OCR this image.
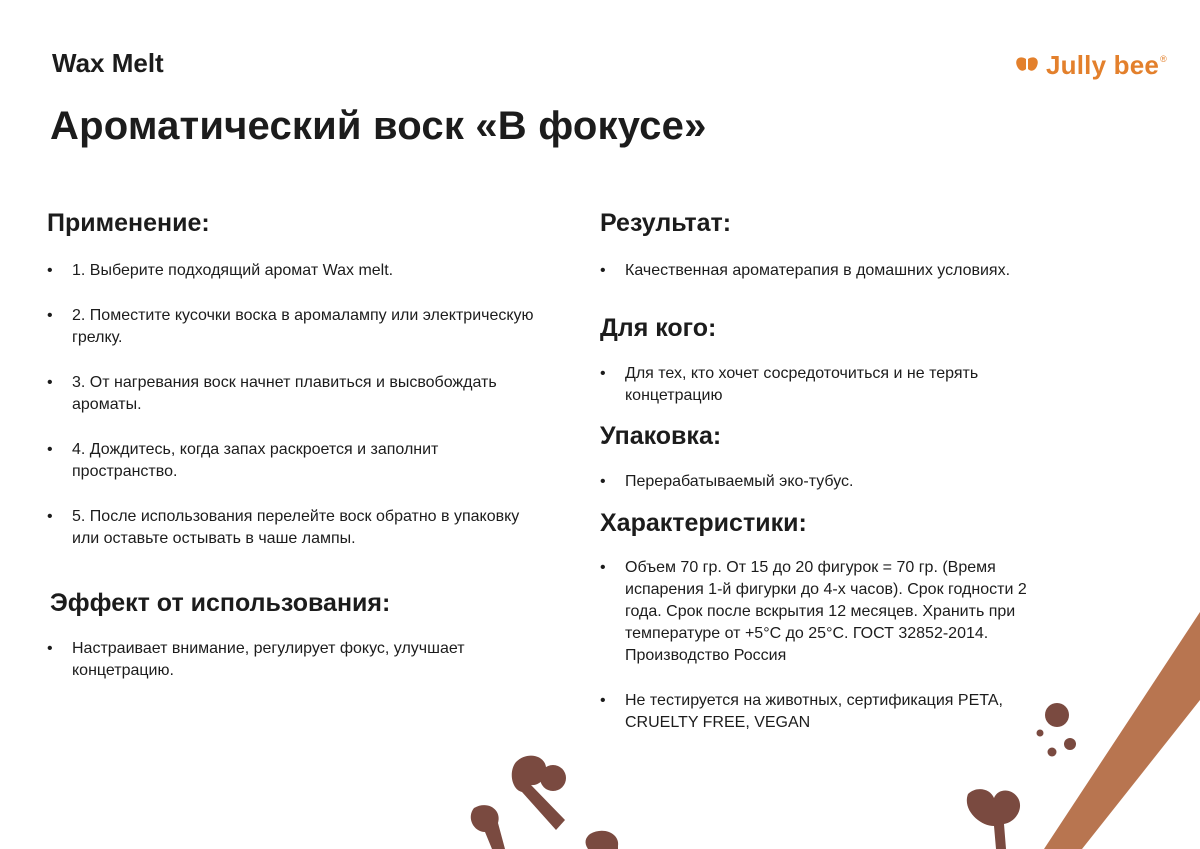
Wax Melt	Jully bee ®
Ароматический воск «В фокусе»
Применение:
• 1. Выберите подходящий аромат Wax melt.
• 2. Поместите кусочки воска в аромалампу или электрическую грелку.
• 3. От нагревания воск начнет плавиться и высвобождать ароматы.
• 4. Дождитесь, когда запах раскроется и заполнит пространство.
• 5. После использования перелейте воск обратно в упаковку или оставьте остывать в чаше лампы.
Эффект от использования:
• Настраивает внимание, регулирует фокус, улучшает концетрацию.
Результат:
• Качественная ароматерапия в домашних условиях.
Для кого:
• Для тех, кто хочет сосредоточиться и не терять концетрацию
Упаковка:
• Перерабатываемый эко-тубус.
Характеристики:
• Объем 70 гр. От 15 до 20 фигурок = 70 гр. (Время испарения 1-й фигурки до 4-х часов). Срок годности 2 года. Срок после вскрытия 12 месяцев. Хранить при температуре от +5°С до 25°С. ГОСТ 32852-2014. Производство Россия
• Не тестируется на животных, сертификация PETA, CRUELTY FREE, VEGAN
